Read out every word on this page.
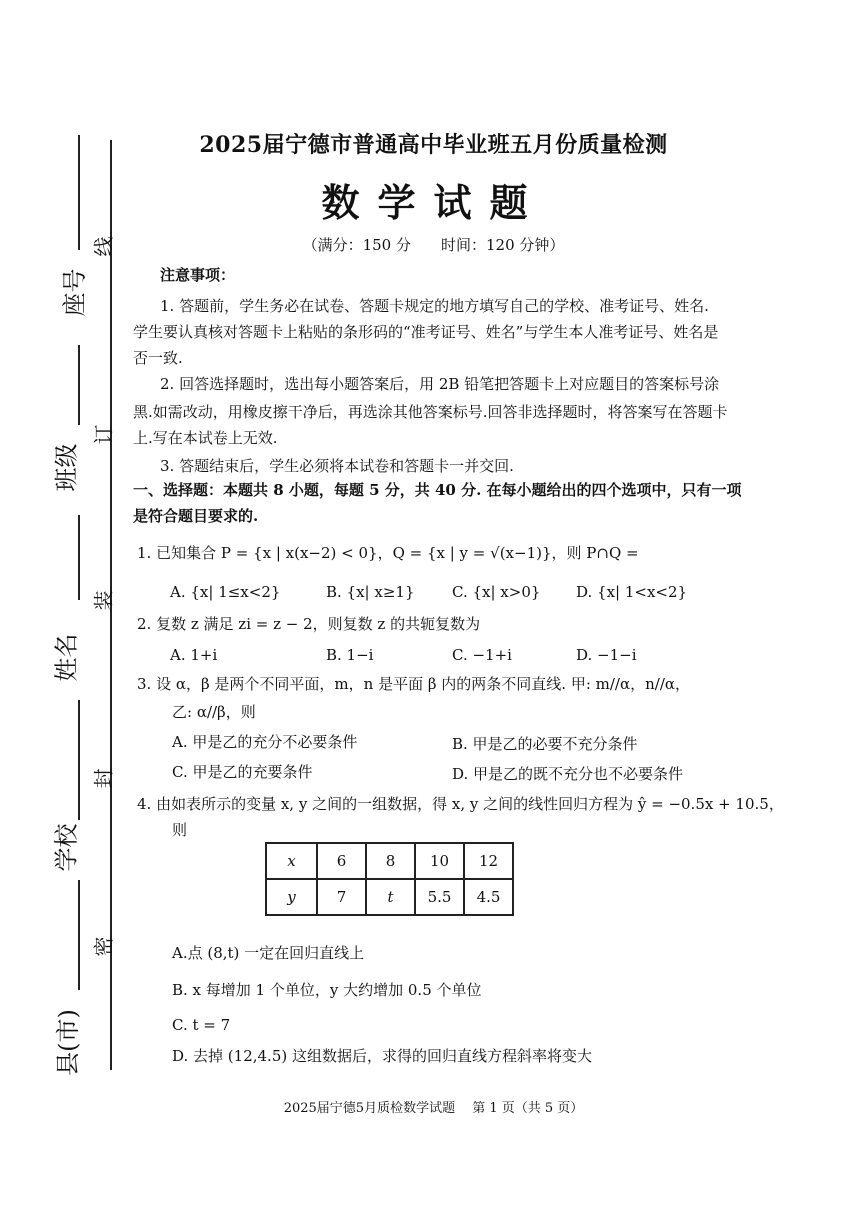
座号
班级
姓名
学校
县(市)
线
订
装
封
密
2025届宁德市普通高中毕业班五月份质量检测
数学试题
（满分：150 分　　时间：120 分钟）
注意事项：
1. 答题前，学生务必在试卷、答题卡规定的地方填写自己的学校、准考证号、姓名.
学生要认真核对答题卡上粘贴的条形码的“准考证号、姓名”与学生本人准考证号、姓名是
否一致.
2. 回答选择题时，选出每小题答案后，用 2B 铅笔把答题卡上对应题目的答案标号涂
黑.如需改动，用橡皮擦干净后，再选涂其他答案标号.回答非选择题时，将答案写在答题卡
上.写在本试卷上无效.
3. 答题结束后，学生必须将本试卷和答题卡一并交回.
一、选择题：本题共 8 小题，每题 5 分，共 40 分. 在每小题给出的四个选项中，只有一项
是符合题目要求的.
1. 已知集合 P = {x | x(x−2) < 0}，Q = {x | y = √(x−1)}，则 P∩Q =
A. {x| 1≤x<2}	B. {x| x≥1}	C. {x| x>0} D. {x| 1<x<2}
2. 复数 z 满足 zi = z − 2，则复数 z 的共轭复数为
A. 1+i	B. 1−i	C. −1+i	D. −1−i
3. 设 α，β 是两个不同平面，m，n 是平面 β 内的两条不同直线. 甲: m//α，n//α，
乙: α//β，则
A. 甲是乙的充分不必要条件	B. 甲是乙的必要不充分条件
C. 甲是乙的充要条件	D. 甲是乙的既不充分也不必要条件
4. 由如表所示的变量 x, y 之间的一组数据，得 x, y 之间的线性回归方程为 ŷ = −0.5x + 10.5，
则
x	6	8	10	12
y	7	t	5.5	4.5
A.点 (8,t) 一定在回归直线上
B. x 每增加 1 个单位，y 大约增加 0.5 个单位
C. t = 7
D. 去掉 (12,4.5) 这组数据后，求得的回归直线方程斜率将变大
2025届宁德5月质检数学试题　 第 1 页（共 5 页）
